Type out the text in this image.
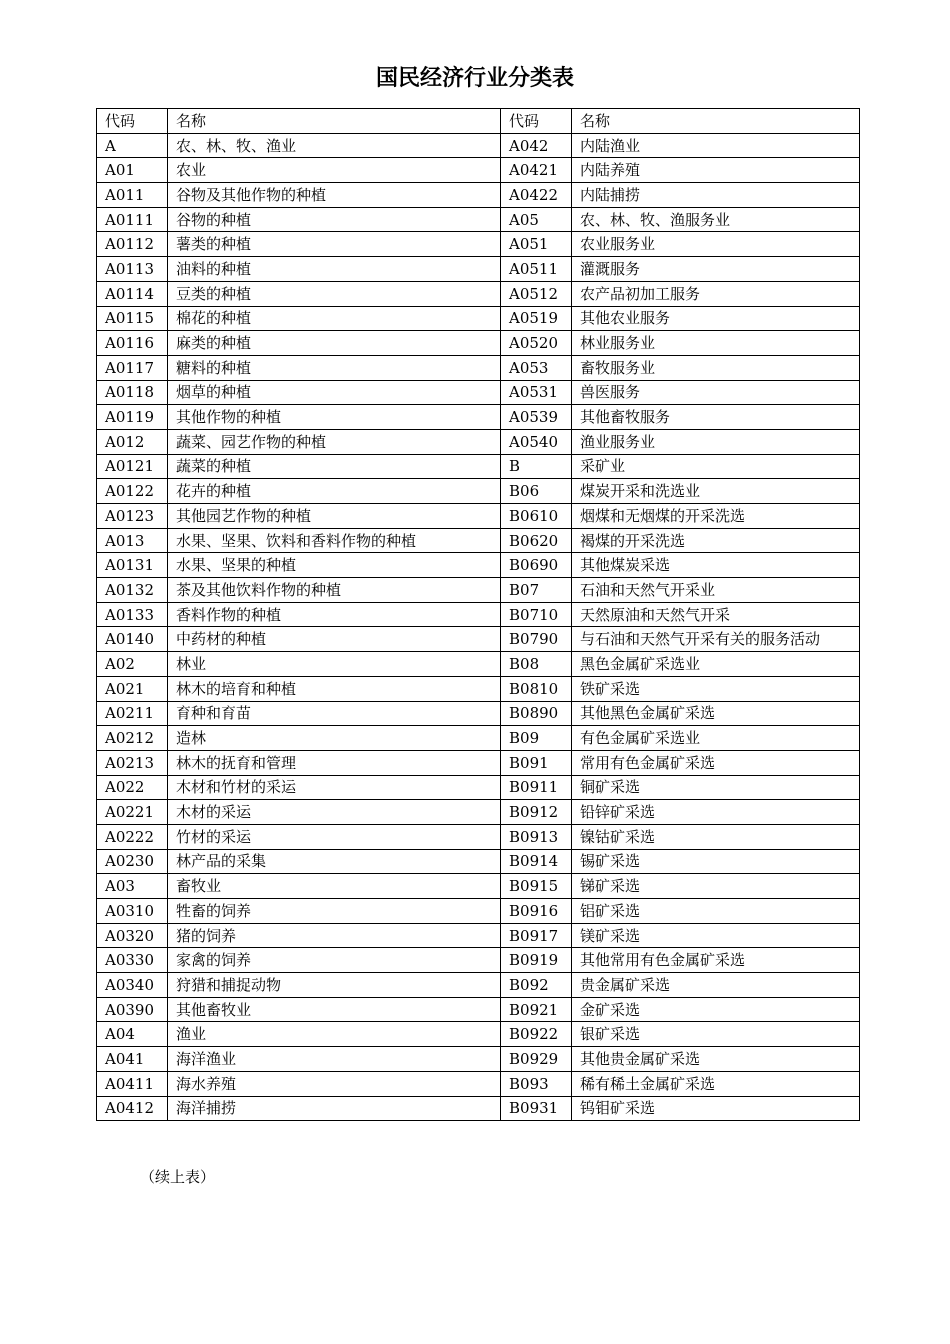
国民经济行业分类表
代码	名称	代码	名称
A	农、林、牧、渔业	A042	内陆渔业
A01	农业	A0421	内陆养殖
A011	谷物及其他作物的种植	A0422	内陆捕捞
A0111	谷物的种植	A05	农、林、牧、渔服务业
A0112	薯类的种植	A051	农业服务业
A0113	油料的种植	A0511	灌溉服务
A0114	豆类的种植	A0512	农产品初加工服务
A0115	棉花的种植	A0519	其他农业服务
A0116	麻类的种植	A0520	林业服务业
A0117	糖料的种植	A053	畜牧服务业
A0118	烟草的种植	A0531	兽医服务
A0119	其他作物的种植	A0539	其他畜牧服务
A012	蔬菜、园艺作物的种植	A0540	渔业服务业
A0121	蔬菜的种植	B	采矿业
A0122	花卉的种植	B06	煤炭开采和洗选业
A0123	其他园艺作物的种植	B0610	烟煤和无烟煤的开采洗选
A013	水果、坚果、饮料和香料作物的种植	B0620	褐煤的开采洗选
A0131	水果、坚果的种植	B0690	其他煤炭采选
A0132	茶及其他饮料作物的种植	B07	石油和天然气开采业
A0133	香料作物的种植	B0710	天然原油和天然气开采
A0140	中药材的种植	B0790	与石油和天然气开采有关的服务活动
A02	林业	B08	黑色金属矿采选业
A021	林木的培育和种植	B0810	铁矿采选
A0211	育种和育苗	B0890	其他黑色金属矿采选
A0212	造林	B09	有色金属矿采选业
A0213	林木的抚育和管理	B091	常用有色金属矿采选
A022	木材和竹材的采运	B0911	铜矿采选
A0221	木材的采运	B0912	铅锌矿采选
A0222	竹材的采运	B0913	镍钴矿采选
A0230	林产品的采集	B0914	锡矿采选
A03	畜牧业	B0915	锑矿采选
A0310	牲畜的饲养	B0916	铝矿采选
A0320	猪的饲养	B0917	镁矿采选
A0330	家禽的饲养	B0919	其他常用有色金属矿采选
A0340	狩猎和捕捉动物	B092	贵金属矿采选
A0390	其他畜牧业	B0921	金矿采选
A04	渔业	B0922	银矿采选
A041	海洋渔业	B0929	其他贵金属矿采选
A0411	海水养殖	B093	稀有稀土金属矿采选
A0412	海洋捕捞	B0931	钨钼矿采选
（续上表）
